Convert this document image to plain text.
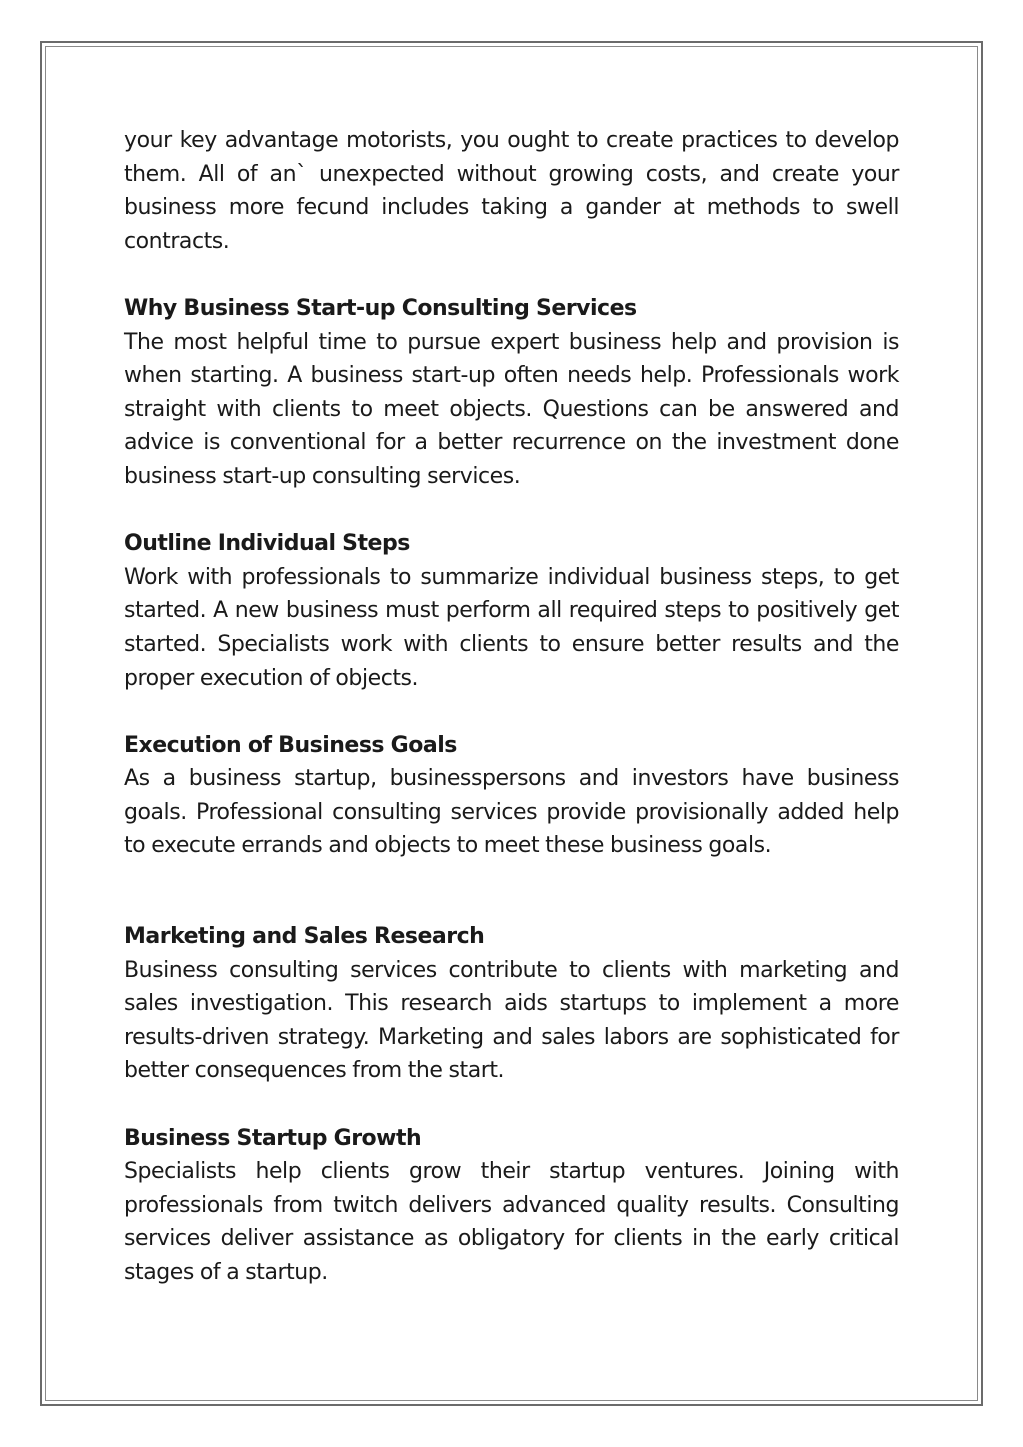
your key advantage motorists, you ought to create practices to develop them. All of an` unexpected without growing costs, and create your business more fecund includes taking a gander at methods to swell contracts.

Why Business Start-up Consulting Services

The most helpful time to pursue expert business help and provision is when starting. A business start-up often needs help. Professionals work straight with clients to meet objects. Questions can be answered and advice is conventional for a better recurrence on the investment done business start-up consulting services.

Outline Individual Steps

Work with professionals to summarize individual business steps, to get started. A new business must perform all required steps to positively get started. Specialists work with clients to ensure better results and the proper execution of objects.

Execution of Business Goals

As a business startup, businesspersons and investors have business goals. Professional consulting services provide provisionally added help to execute errands and objects to meet these business goals.

Marketing and Sales Research

Business consulting services contribute to clients with marketing and sales investigation. This research aids startups to implement a more results-driven strategy. Marketing and sales labors are sophisticated for better consequences from the start.

Business Startup Growth

Specialists help clients grow their startup ventures. Joining with professionals from twitch delivers advanced quality results. Consulting services deliver assistance as obligatory for clients in the early critical stages of a startup.
